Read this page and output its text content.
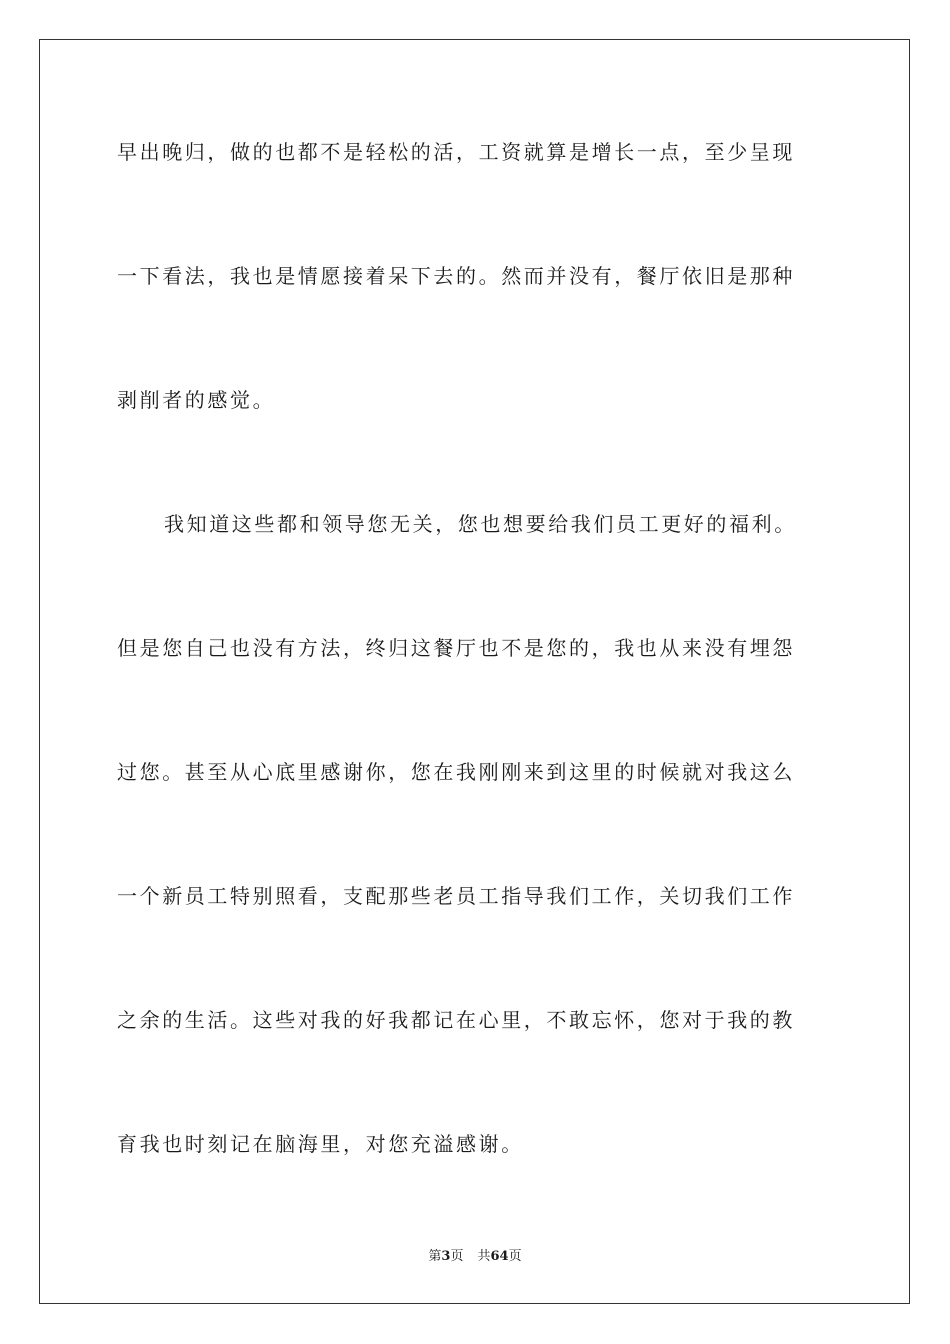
早出晚归，做的也都不是轻松的活，工资就算是增长一点，至少呈现
一下看法，我也是情愿接着呆下去的。然而并没有，餐厅依旧是那种
剥削者的感觉。
我知道这些都和领导您无关，您也想要给我们员工更好的福利。
但是您自己也没有方法，终归这餐厅也不是您的，我也从来没有埋怨
过您。甚至从心底里感谢你，您在我刚刚来到这里的时候就对我这么
一个新员工特别照看，支配那些老员工指导我们工作，关切我们工作
之余的生活。这些对我的好我都记在心里，不敢忘怀，您对于我的教
育我也时刻记在脑海里，对您充溢感谢。
第3页 共64页
